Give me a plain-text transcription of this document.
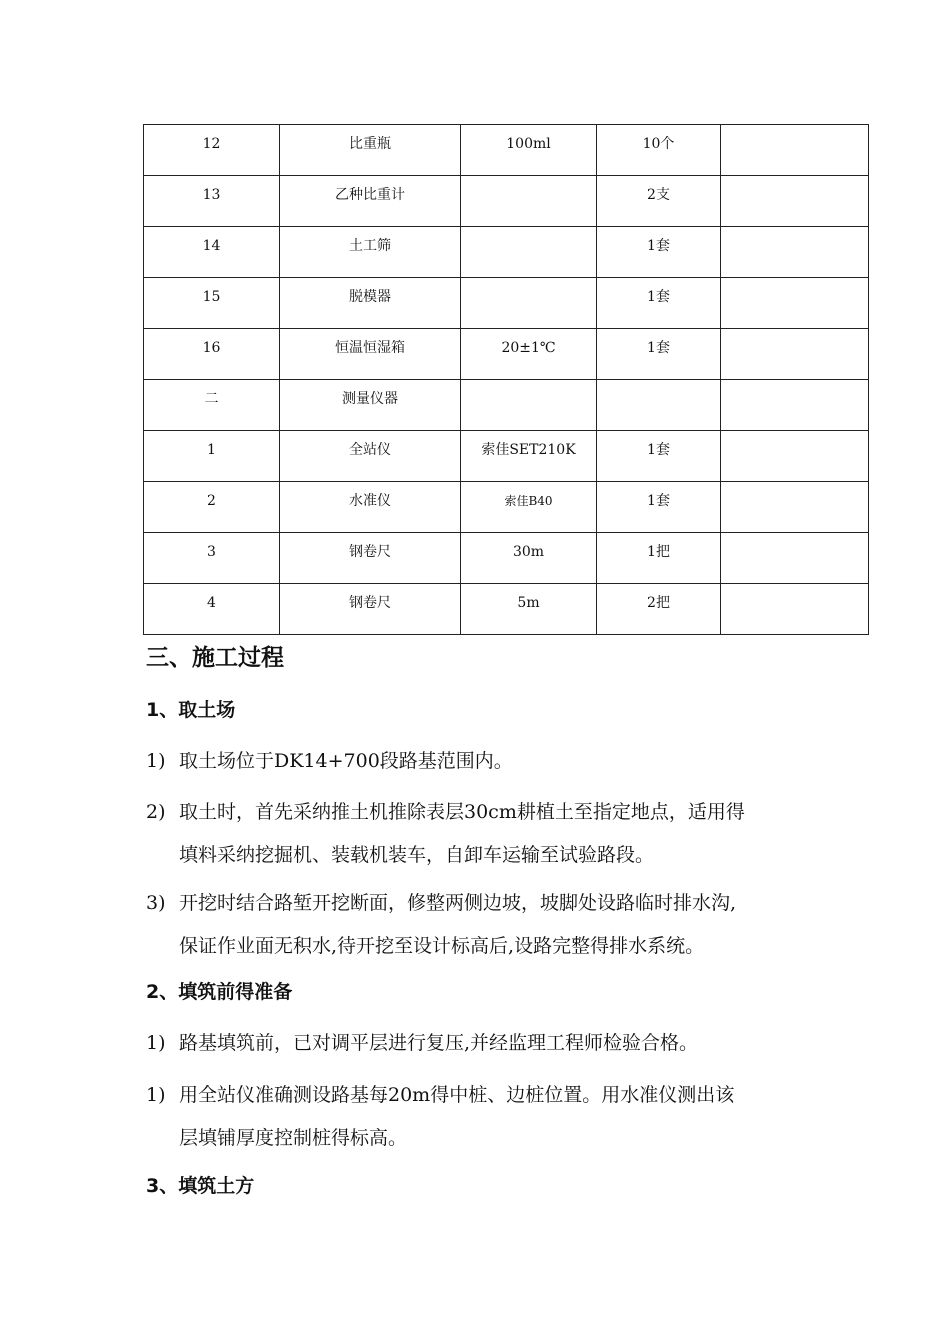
12	比重瓶	100ml	10个	
13	乙种比重计		2支	
14	土工筛		1套	
15	脱模器		1套	
16	恒温恒湿箱	20±1℃	1套	
二	测量仪器			
1	全站仪	索佳SET210K	1套	
2	水准仪	索佳B40	1套	
3	钢卷尺	30m	1把	
4	钢卷尺	5m	2把	
三、施工过程
1、取土场
1) 取土场位于DK14+700段路基范围内。
2) 取土时，首先采纳推土机推除表层30cm耕植土至指定地点，适用得
填料采纳挖掘机、装载机装车，自卸车运输至试验路段。
3) 开挖时结合路堑开挖断面，修整两侧边坡，坡脚处设路临时排水沟,
保证作业面无积水,待开挖至设计标高后,设路完整得排水系统。
2、填筑前得准备
1) 路基填筑前，已对调平层进行复压,并经监理工程师检验合格。
1) 用全站仪准确测设路基每20m得中桩、边桩位置。用水准仪测出该
层填铺厚度控制桩得标高。
3、填筑土方
